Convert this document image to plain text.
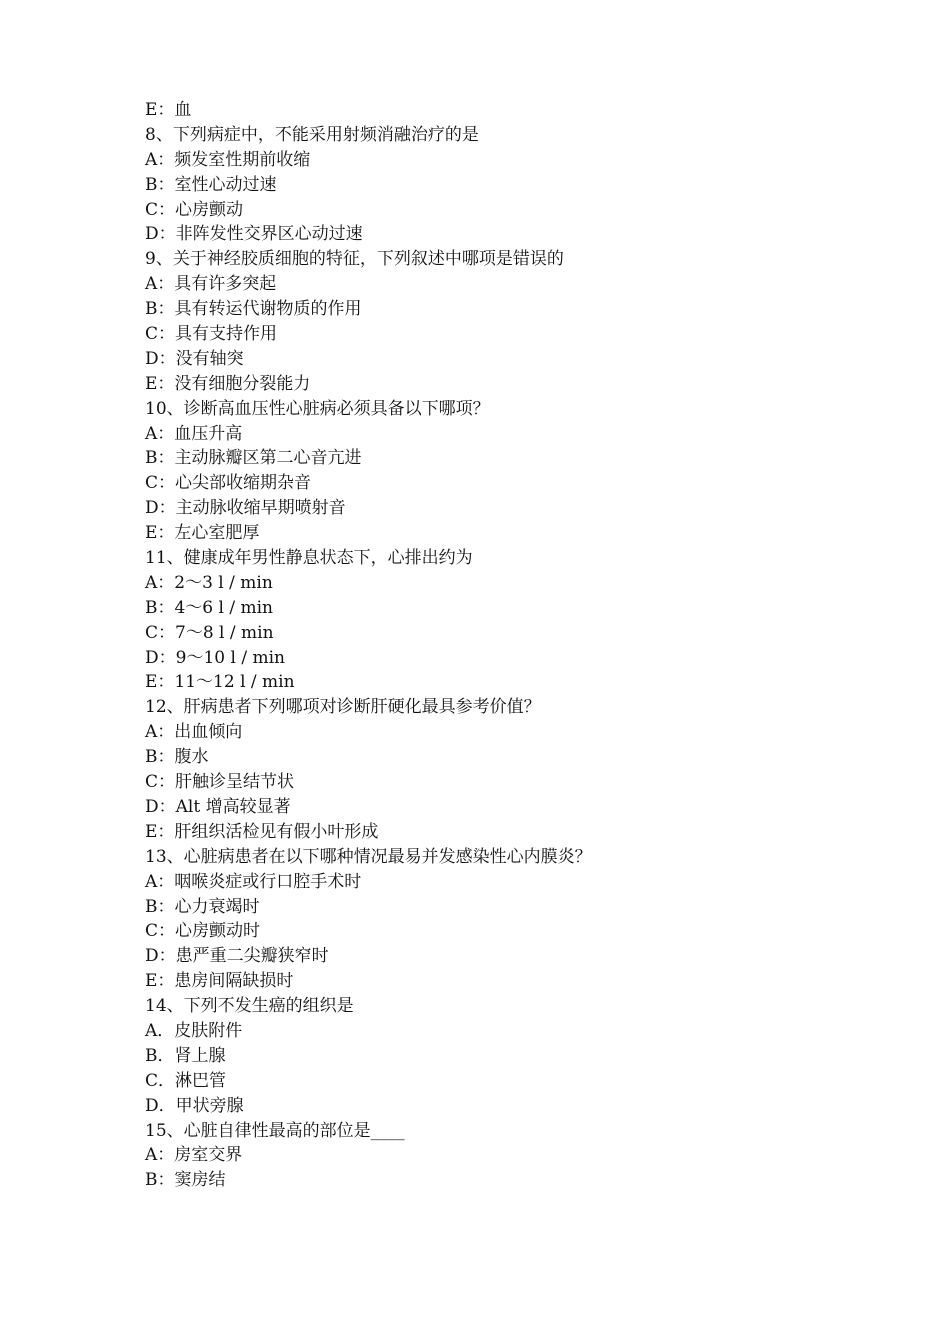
E：血
8、下列病症中，不能采用射频消融治疗的是
A：频发室性期前收缩
B：室性心动过速
C：心房颤动
D：非阵发性交界区心动过速
9、关于神经胶质细胞的特征，下列叙述中哪项是错误的
A：具有许多突起
B：具有转运代谢物质的作用
C：具有支持作用
D：没有轴突
E：没有细胞分裂能力
10、诊断高血压性心脏病必须具备以下哪项？
A：血压升高
B：主动脉瓣区第二心音亢进
C：心尖部收缩期杂音
D：主动脉收缩早期喷射音
E：左心室肥厚
11、健康成年男性静息状态下，心排出约为
A：2～3 l / min
B：4～6 l / min
C：7～8 l / min
D：9～10 l / min
E：11～12 l / min
12、肝病患者下列哪项对诊断肝硬化最具参考价值？
A：出血倾向
B：腹水
C：肝触诊呈结节状
D：Alt 增高较显著
E：肝组织活检见有假小叶形成
13、心脏病患者在以下哪种情况最易并发感染性心内膜炎？
A：咽喉炎症或行口腔手术时
B：心力衰竭时
C：心房颤动时
D：患严重二尖瓣狭窄时
E：患房间隔缺损时
14、下列不发生癌的组织是
A．皮肤附件
B．肾上腺
C．淋巴管
D．甲状旁腺
15、心脏自律性最高的部位是____
A：房室交界
B：窦房结
